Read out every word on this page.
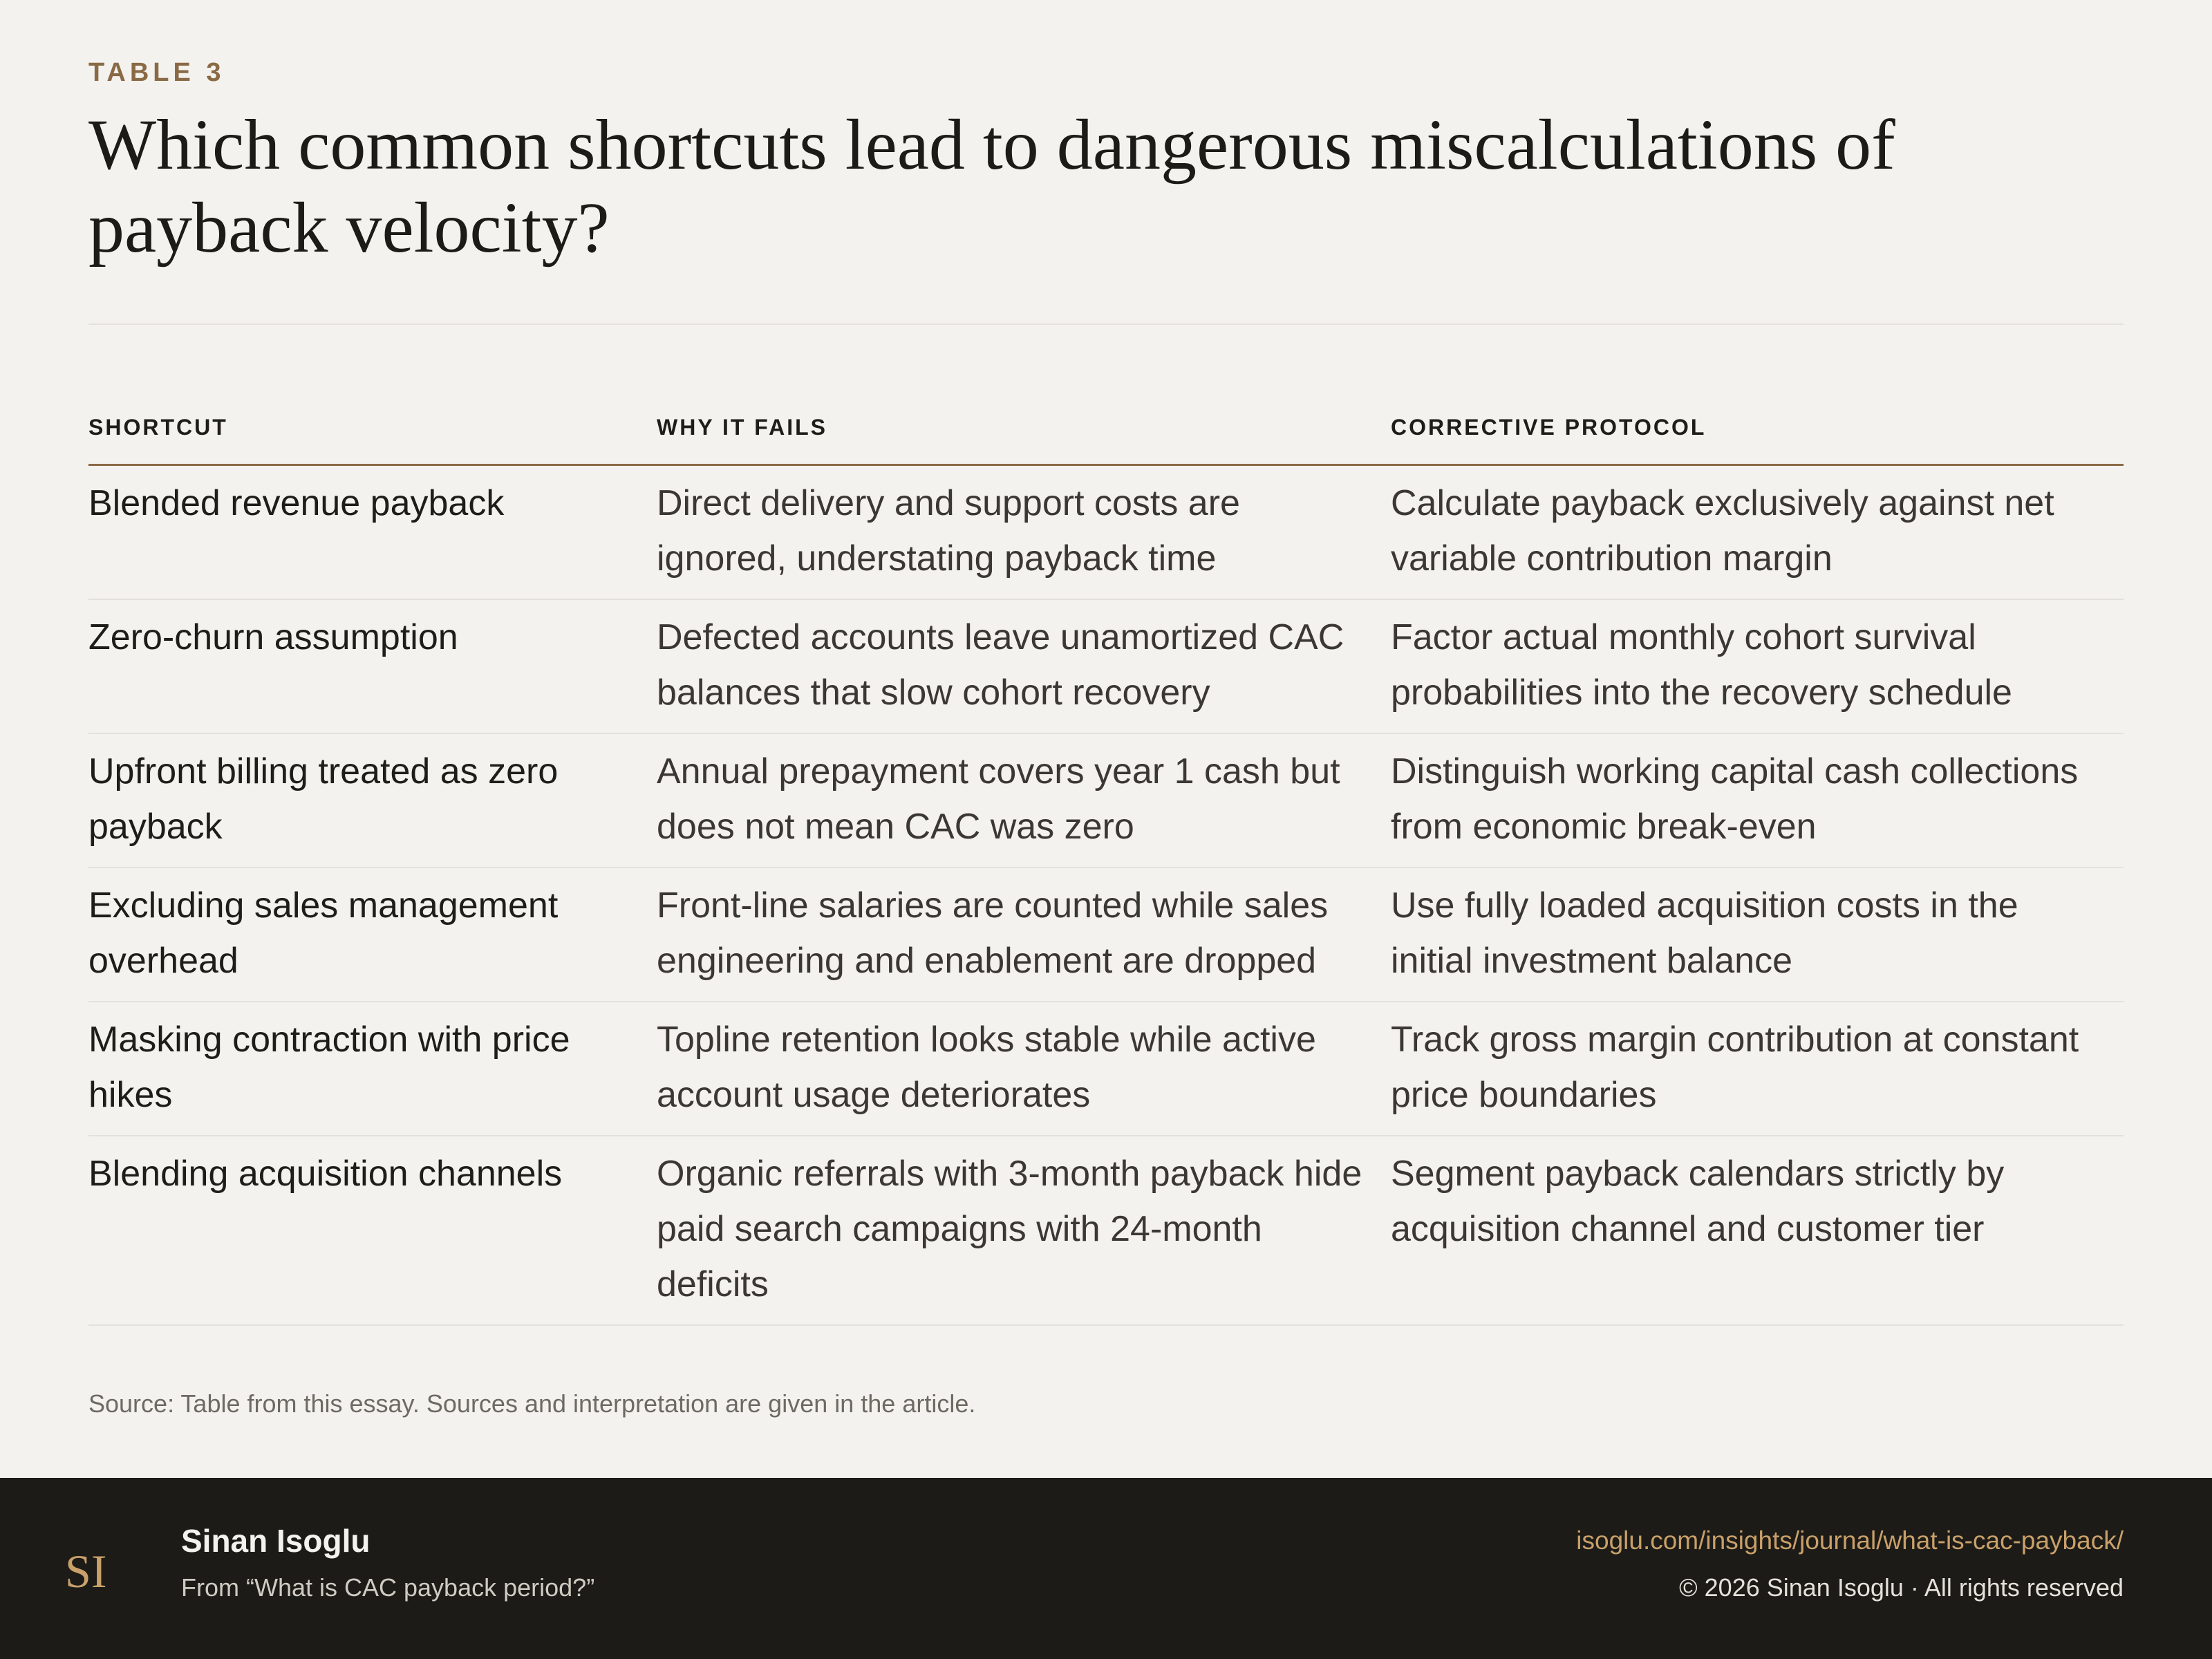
TABLE 3
Which common shortcuts lead to dangerous miscalculations of payback velocity?
SHORTCUT	WHY IT FAILS	CORRECTIVE PROTOCOL
Blended revenue payback	Direct delivery and support costs are ignored, understating payback time	Calculate payback exclusively against net variable contribution margin
Zero-churn assumption	Defected accounts leave unamortized CAC balances that slow cohort recovery	Factor actual monthly cohort survival probabilities into the recovery schedule
Upfront billing treated as zero payback	Annual prepayment covers year 1 cash but does not mean CAC was zero	Distinguish working capital cash collections from economic break-even
Excluding sales management overhead	Front-line salaries are counted while sales engineering and enablement are dropped	Use fully loaded acquisition costs in the initial investment balance
Masking contraction with price hikes	Topline retention looks stable while active account usage deteriorates	Track gross margin contribution at constant price boundaries
Blending acquisition channels	Organic referrals with 3-month payback hide paid search campaigns with 24-month deficits	Segment payback calendars strictly by acquisition channel and customer tier
Source: Table from this essay. Sources and interpretation are given in the article.
SI
Sinan Isoglu
From “What is CAC payback period?”
isoglu.com/insights/journal/what-is-cac-payback/
© 2026 Sinan Isoglu · All rights reserved
